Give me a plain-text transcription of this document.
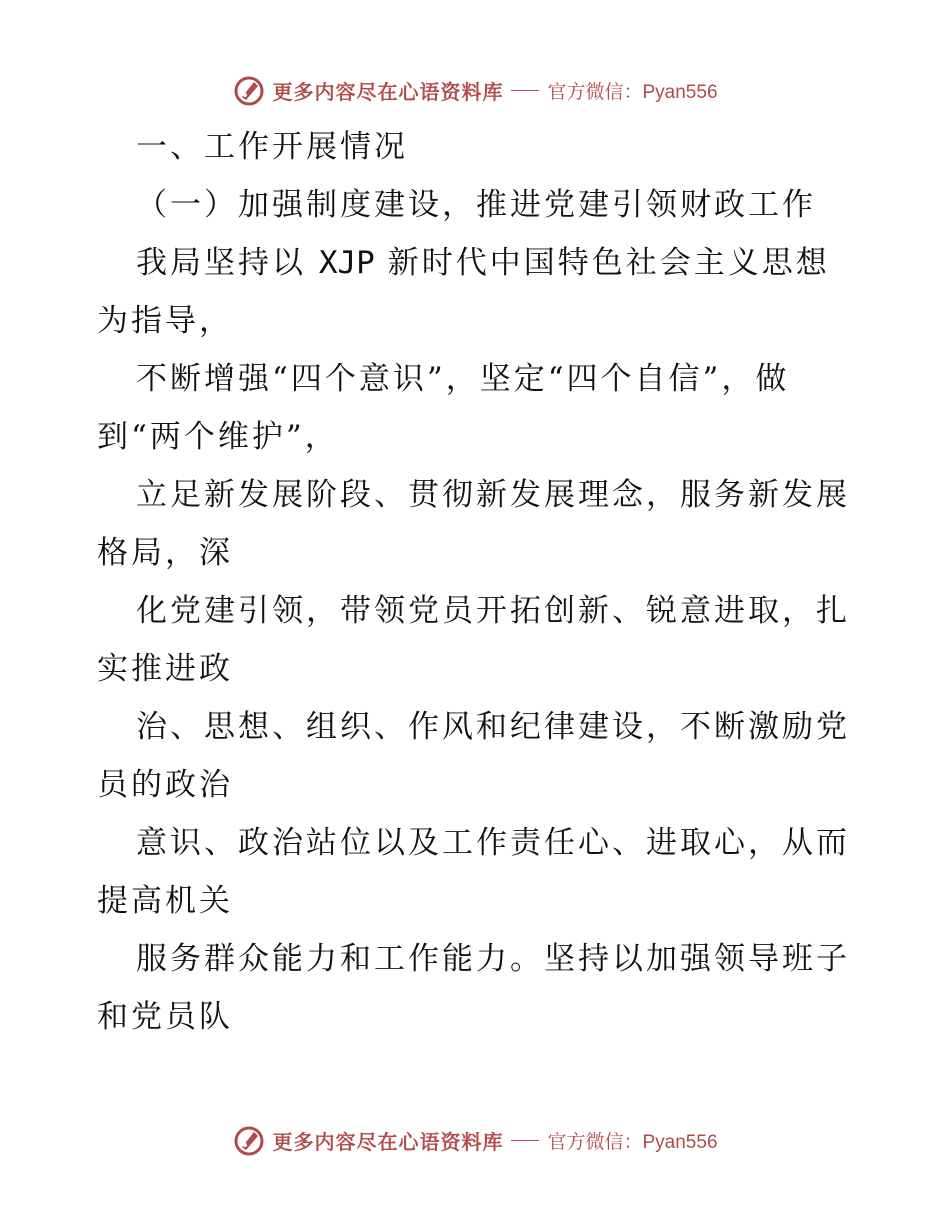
更多内容尽在心语资料库 官方微信：Pyan556
一、工作开展情况
（一）加强制度建设，推进党建引领财政工作
我局坚持以 XJP 新时代中国特色社会主义思想
为指导，
不断增强“四个意识”，坚定“四个自信”，做
到“两个维护”，
立足新发展阶段、贯彻新发展理念，服务新发展
格局，深
化党建引领，带领党员开拓创新、锐意进取，扎
实推进政
治、思想、组织、作风和纪律建设，不断激励党
员的政治
意识、政治站位以及工作责任心、进取心，从而
提高机关
服务群众能力和工作能力。坚持以加强领导班子
和党员队
更多内容尽在心语资料库 官方微信：Pyan556
